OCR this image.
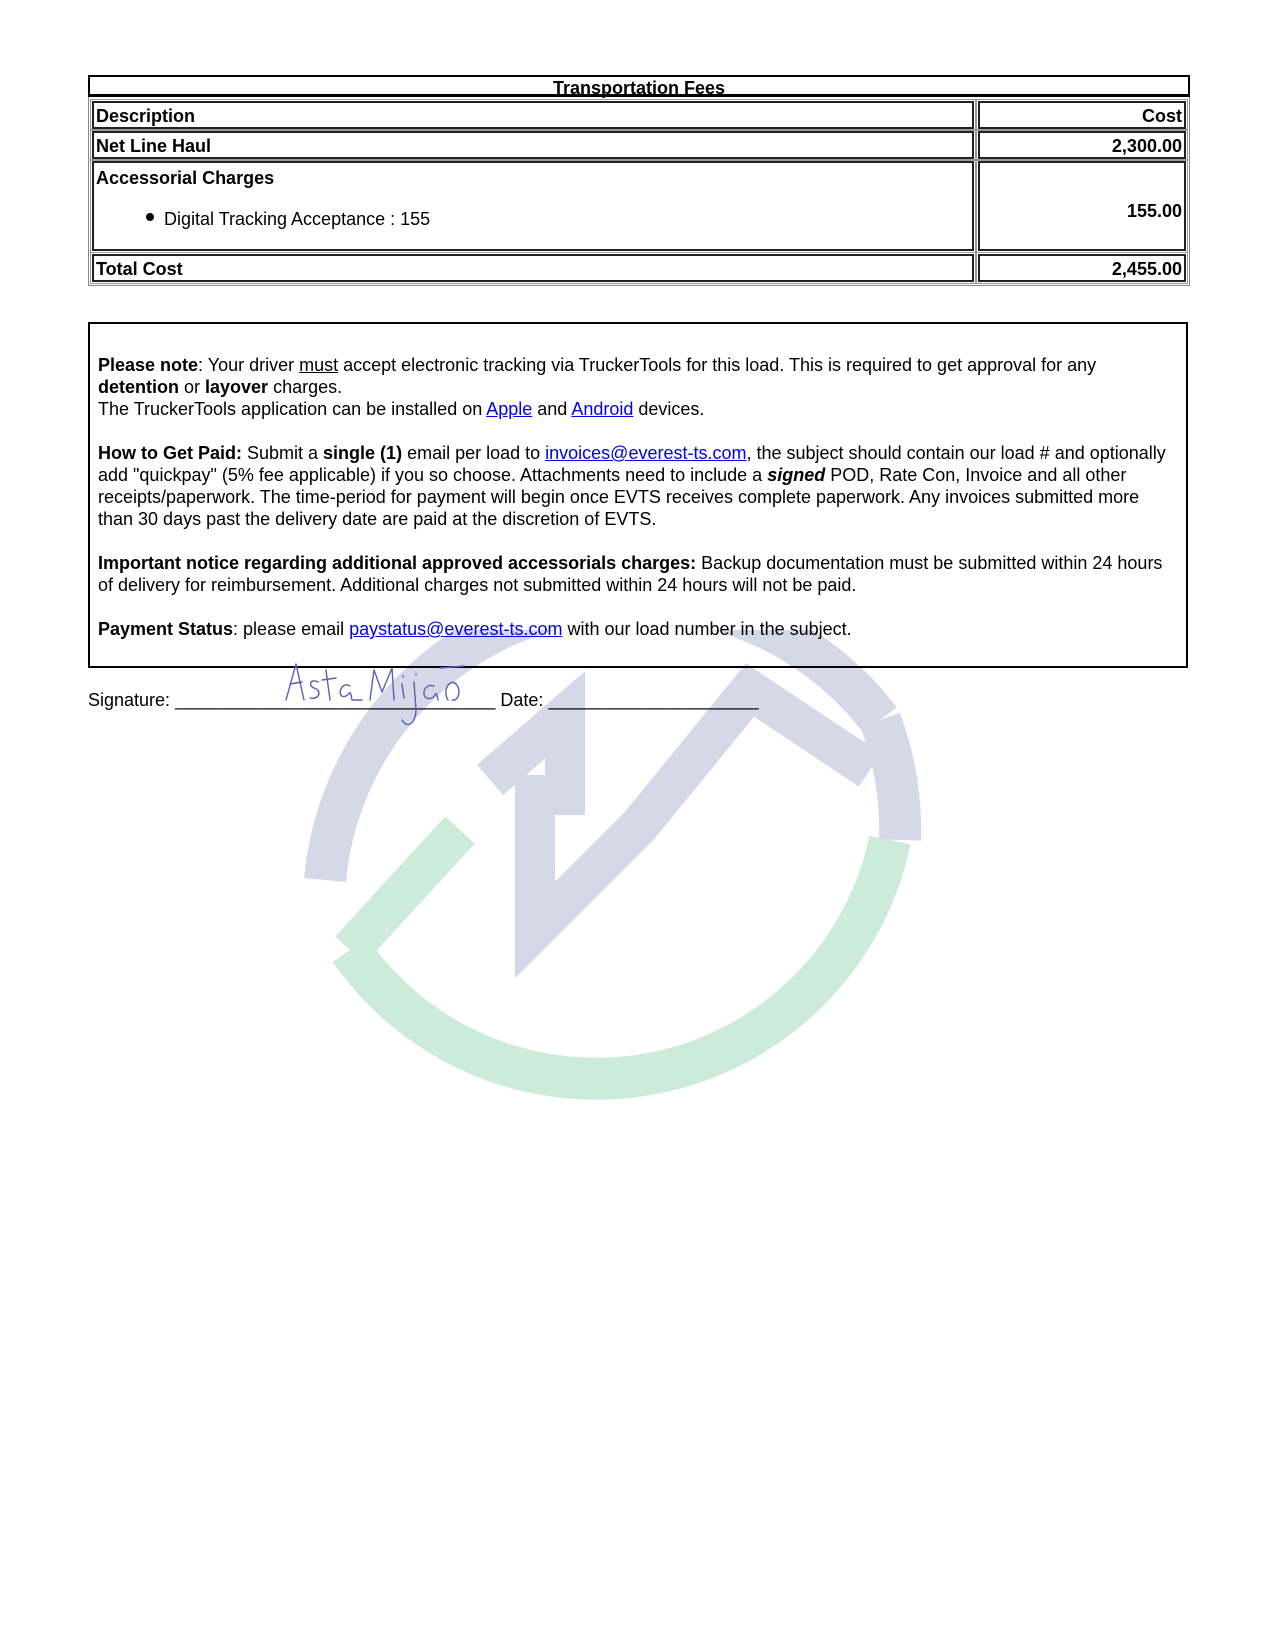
Transportation Fees
Description	Cost
Net Line Haul	2,300.00
Accessorial Charges
Digital Tracking Acceptance : 155	155.00
Total Cost	2,455.00

Please note: Your driver must accept electronic tracking via TruckerTools for this load. This is required to get approval for any detention or layover charges.
The TruckerTools application can be installed on Apple and Android devices.

How to Get Paid: Submit a single (1) email per load to invoices@everest-ts.com, the subject should contain our load # and optionally add "quickpay" (5% fee applicable) if you so choose. Attachments need to include a signed POD, Rate Con, Invoice and all other receipts/paperwork. The time-period for payment will begin once EVTS receives complete paperwork. Any invoices submitted more than 30 days past the delivery date are paid at the discretion of EVTS.

Important notice regarding additional approved accessorials charges: Backup documentation must be submitted within 24 hours of delivery for reimbursement. Additional charges not submitted within 24 hours will not be paid.

Payment Status: please email paystatus@everest-ts.com with our load number in the subject.

Signature: ________________________________ Date: _____________________
